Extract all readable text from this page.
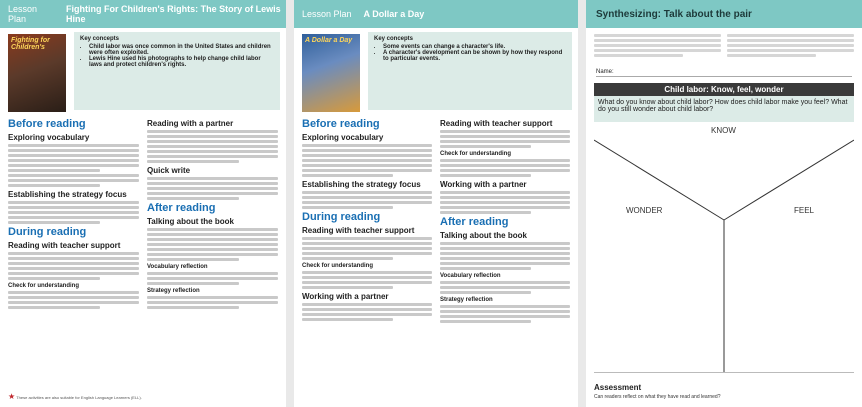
Lesson Plan
Fighting For Children's Rights: The Story of Lewis Hine
Fighting for Children's
Key concepts
• Child labor was once common in the United States and children were often exploited.
• Lewis Hine used his photographs to help change child labor laws and protect children's rights.
Before reading
Exploring vocabulary
Establishing the strategy focus
During reading
Reading with teacher support
Check for understanding
Reading with a partner
Quick write
After reading
Talking about the book
Vocabulary reflection
Strategy reflection
★ These activities are also suitable for English Language Learners (ELL).
Lesson Plan	A Dollar a Day
A Dollar a Day	Key concepts
• Some events can change a character's life.
• A character's development can be shown by how they respond to particular events.
Before reading
Exploring vocabulary
Establishing the strategy focus
During reading
Reading with teacher support
Check for understanding
Working with a partner
Reading with teacher support
Check for understanding
Working with a partner
After reading
Talking about the book
Vocabulary reflection
Strategy reflection
Synthesizing: Talk about the pair
Name:
Child labor: Know, feel, wonder
What do you know about child labor? How does child labor make you feel? What do you still wonder about child labor?
KNOW
WONDER	FEEL
Assessment
Can readers reflect on what they have read and learned?
